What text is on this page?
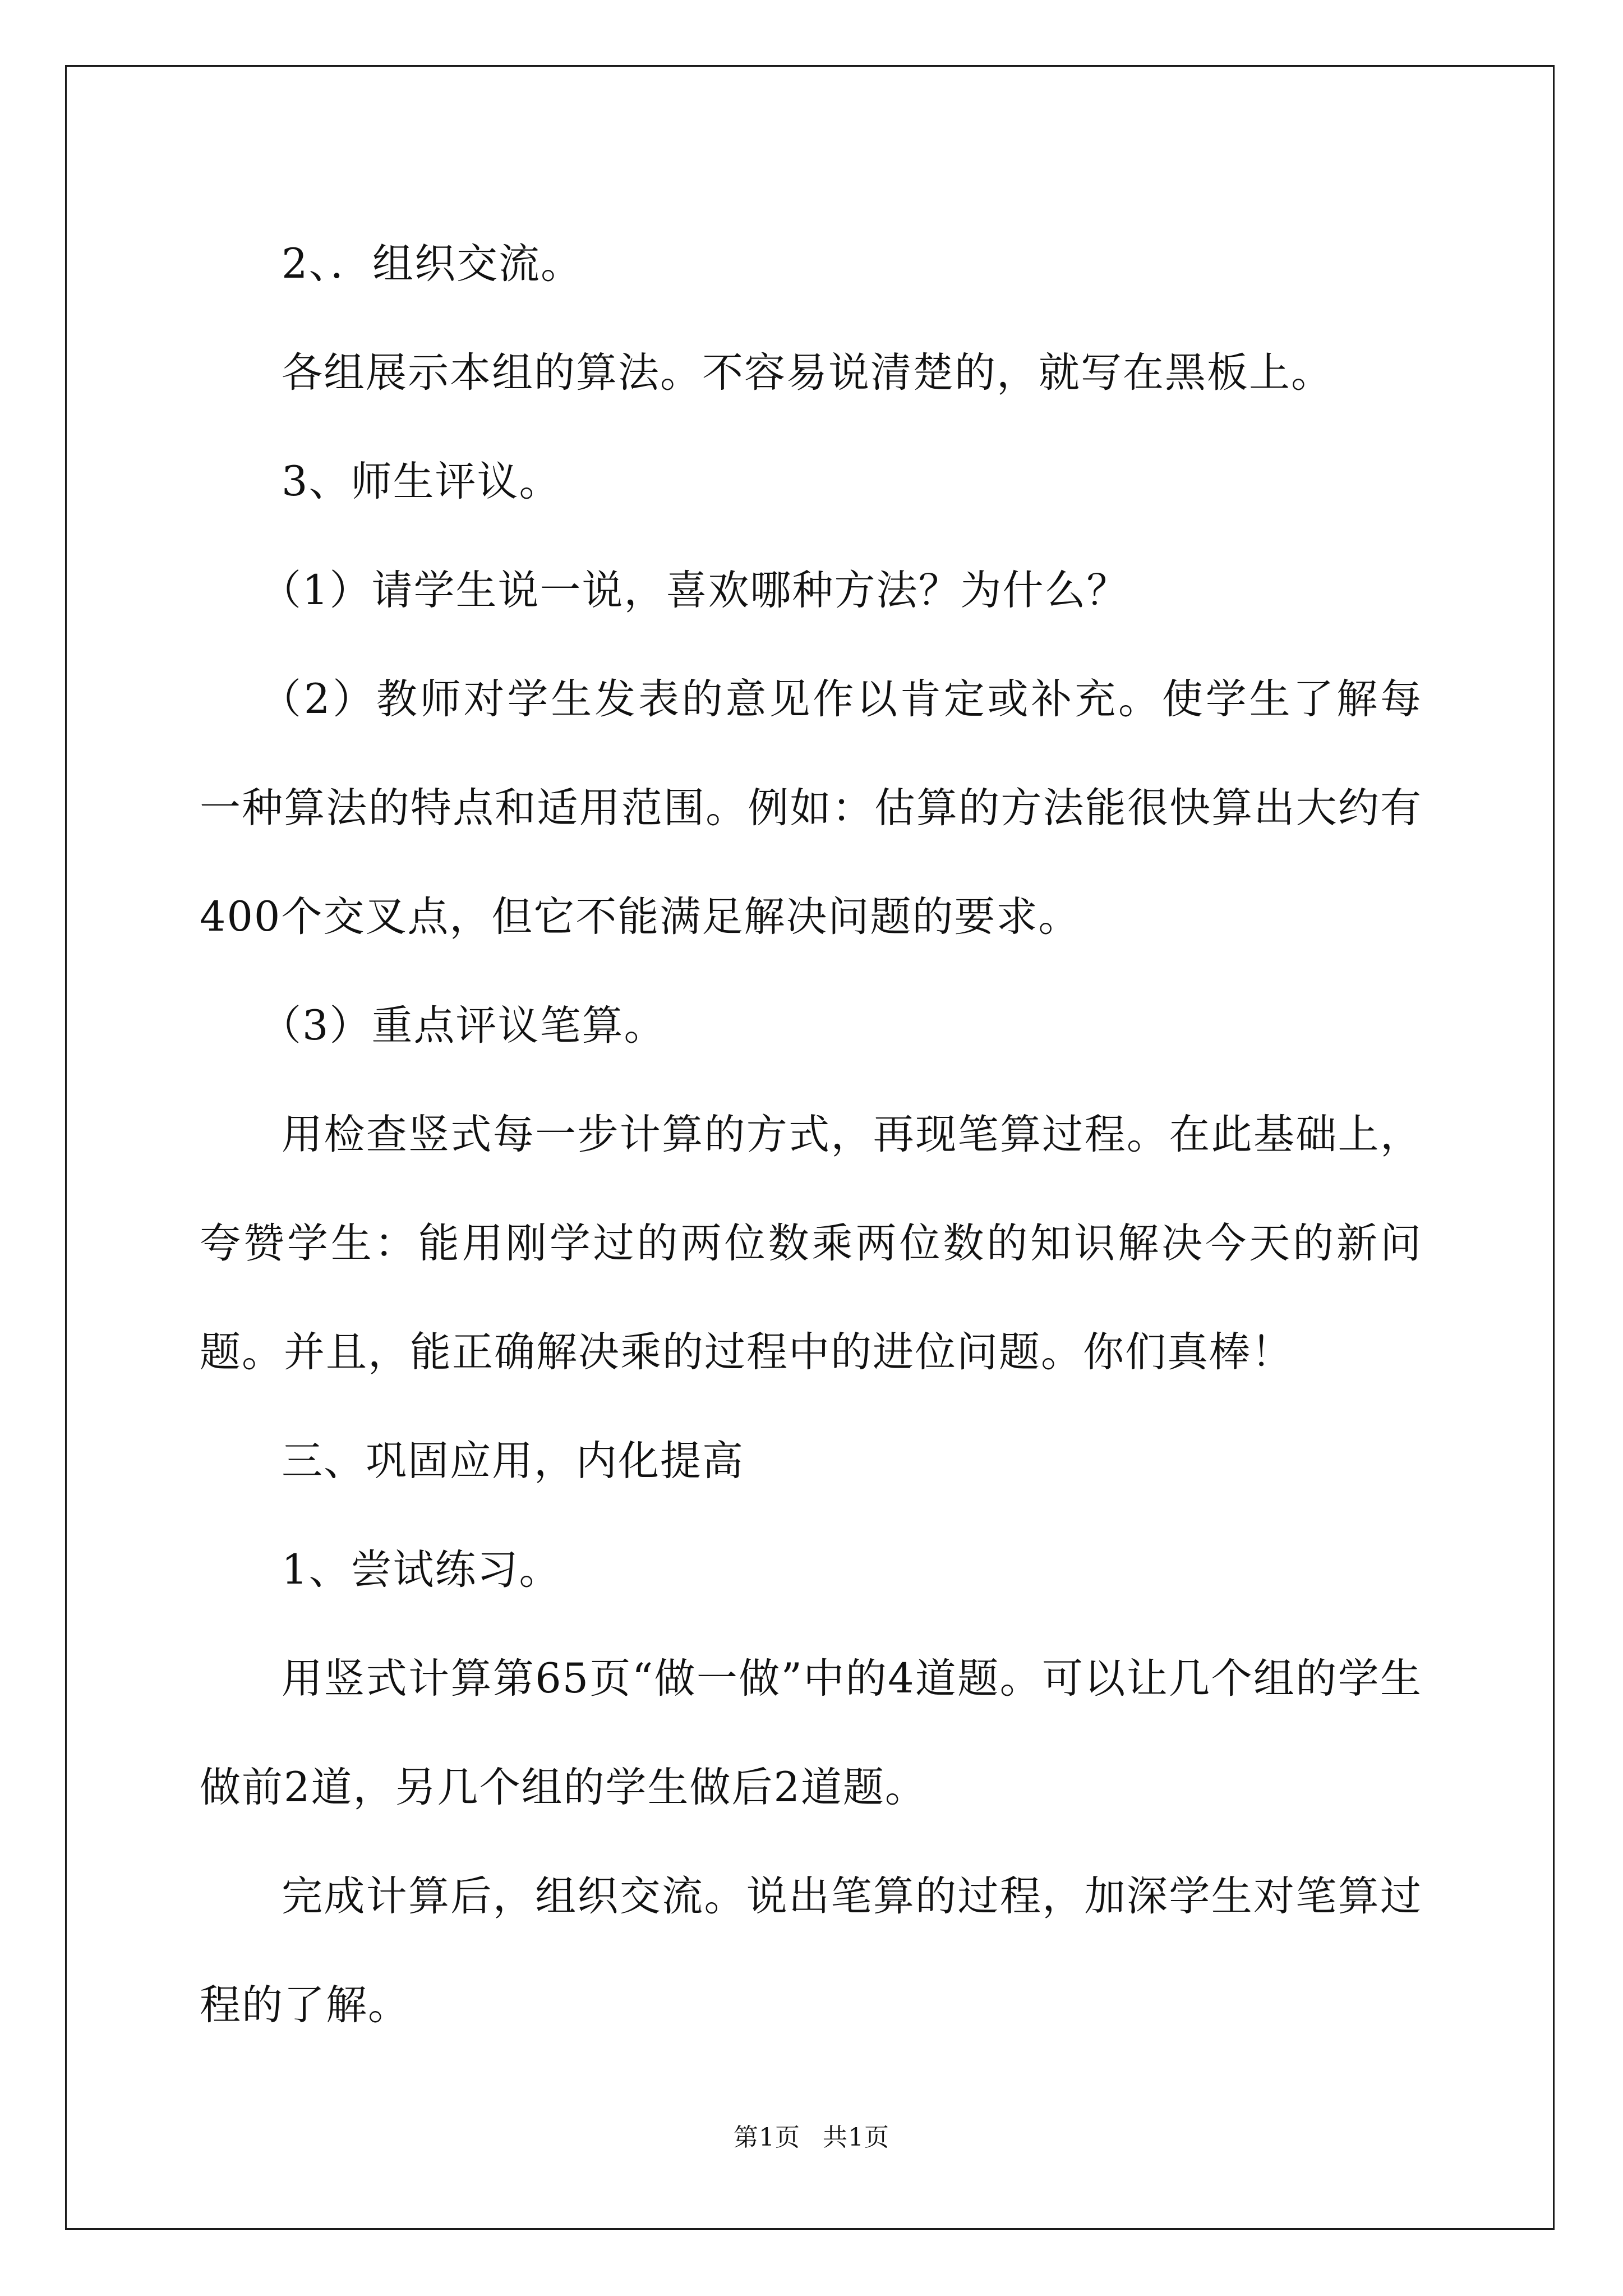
2、．组织交流。

各组展示本组的算法。不容易说清楚的，就写在黑板上。

3、师生评议。

（1）请学生说一说，喜欢哪种方法？为什么？

（2）教师对学生发表的意见作以肯定或补充。使学生了解每一种算法的特点和适用范围。例如：估算的方法能很快算出大约有400个交叉点，但它不能满足解决问题的要求。

（3）重点评议笔算。

用检查竖式每一步计算的方式，再现笔算过程。在此基础上，夸赞学生：能用刚学过的两位数乘两位数的知识解决今天的新问题。并且，能正确解决乘的过程中的进位问题。你们真棒！

三、巩固应用，内化提高

1、尝试练习。

用竖式计算第65页“做一做”中的4道题。可以让几个组的学生做前2道，另几个组的学生做后2道题。

完成计算后，组织交流。说出笔算的过程，加深学生对笔算过程的了解。

第1页 共1页
